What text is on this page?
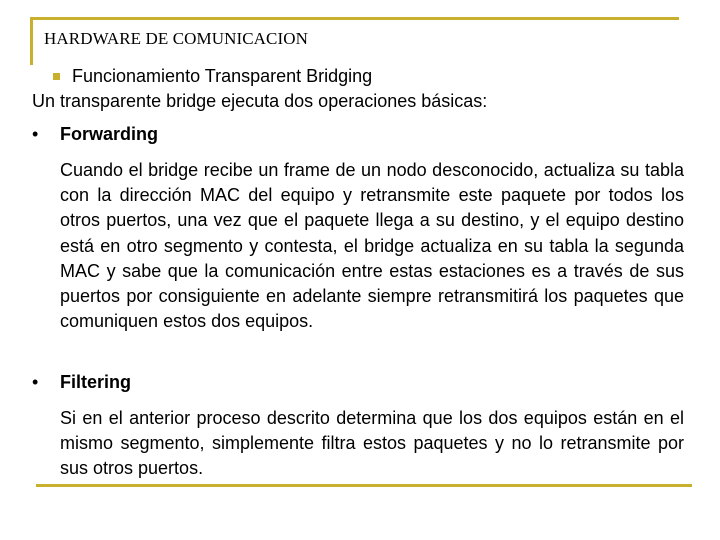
HARDWARE DE COMUNICACION
Funcionamiento Transparent Bridging
Un transparente bridge ejecuta dos operaciones básicas:
• Forwarding
Cuando el bridge recibe un frame de un nodo desconocido, actualiza su tabla con la dirección MAC del equipo y retransmite este paquete por todos los otros puertos, una vez que el paquete llega a su destino, y el equipo destino está en otro segmento y contesta, el bridge actualiza en su tabla la segunda MAC y sabe que la comunicación entre estas estaciones es a través de sus puertos por consiguiente en adelante siempre retransmitirá los paquetes que comuniquen estos dos equipos.
• Filtering
Si en el anterior proceso descrito determina que los dos equipos están en el mismo segmento, simplemente filtra estos paquetes y no lo retransmite por sus otros puertos.
